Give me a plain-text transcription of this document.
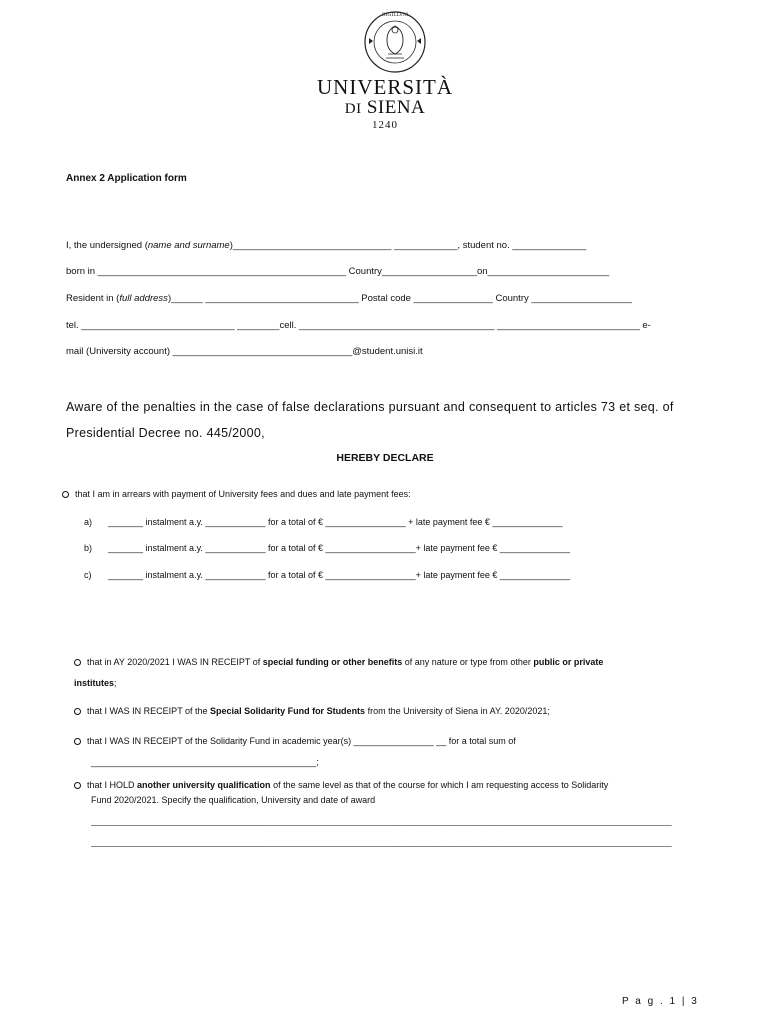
SIGILLVM
UNIVERSITÀ
DI SIENA
1240
Annex 2 Application form
I, the undersigned (name and surname)______________________________ ____________, student no. ______________
born in _______________________________________________ Country__________________on_______________________
Resident in (full address)______ _____________________________ Postal code _______________ Country ___________________
tel. _____________________________ ________cell. _____________________________________ ___________________________ e-
mail (University account) __________________________________@student.unisi.it
Aware of the penalties in the case of false declarations pursuant and consequent to articles 73 et seq. of
Presidential Decree no. 445/2000,
HEREBY DECLARE
that I am in arrears with payment of University fees and dues and late payment fees:
a) _______ instalment a.y. ____________ for a total of € ________________ + late payment fee € ______________
b) _______ instalment a.y. ____________ for a total of € __________________+ late payment fee € ______________
c) _______ instalment a.y. ____________ for a total of € __________________+ late payment fee € ______________
that in AY 2020/2021 I WAS IN RECEIPT of special funding or other benefits of any nature or type from other public or private
institutes;
that I WAS IN RECEIPT of the Special Solidarity Fund for Students from the University of Siena in AY. 2020/2021;
that I WAS IN RECEIPT of the Solidarity Fund in academic year(s) ________________ __ for a total sum of
_____________________________________________;
that I HOLD another university qualification of the same level as that of the course for which I am requesting access to Solidarity
Fund 2020/2021. Specify the qualification, University and date of award
____________________________________________________________________________________________________________________
____________________________________________________________________________________________________________________
P a g . 1 | 3
